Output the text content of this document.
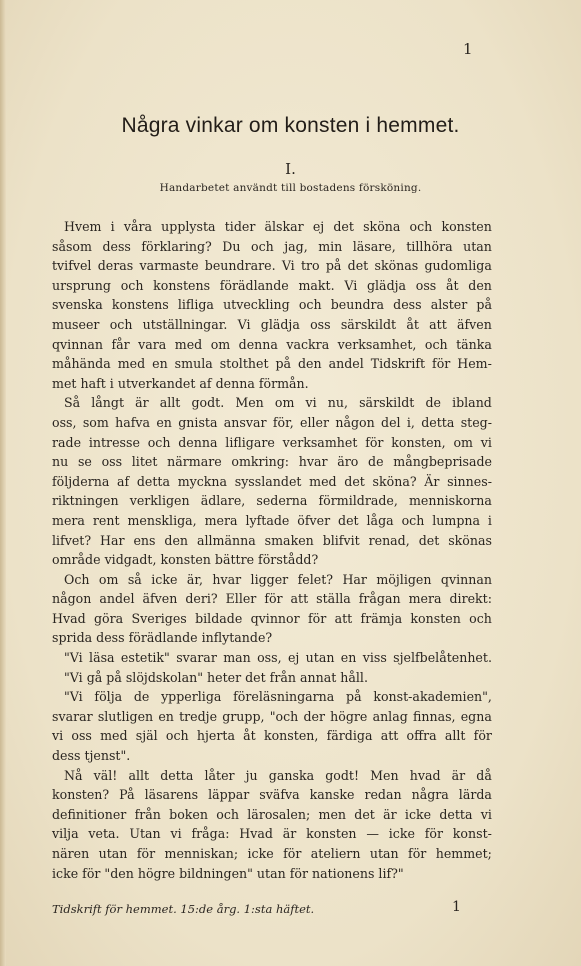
1
Några vinkar om konsten i hemmet.
I.
Handarbetet användt till bostadens försköning.
Hvem i våra upplysta tider älskar ej det sköna och konsten
såsom dess förklaring? Du och jag, min läsare, tillhöra utan
tvifvel deras varmaste beundrare. Vi tro på det skönas gudomliga
ursprung och konstens förädlande makt. Vi glädja oss åt den
svenska konstens lifliga utveckling och beundra dess alster på
museer och utställningar. Vi glädja oss särskildt åt att äfven
qvinnan får vara med om denna vackra verksamhet, och tänka
måhända med en smula stolthet på den andel Tidskrift för Hem-
met haft i utverkandet af denna förmån.
Så långt är allt godt. Men om vi nu, särskildt de ibland
oss, som hafva en gnista ansvar för, eller någon del i, detta steg-
rade intresse och denna lifligare verksamhet för konsten, om vi
nu se oss litet närmare omkring: hvar äro de mångbeprisade
följderna af detta myckna sysslandet med det sköna? Är sinnes-
riktningen verkligen ädlare, sederna förmildrade, menniskorna
mera rent menskliga, mera lyftade öfver det låga och lumpna i
lifvet? Har ens den allmänna smaken blifvit renad, det skönas
område vidgadt, konsten bättre förstådd?
Och om så icke är, hvar ligger felet? Har möjligen qvinnan
någon andel äfven deri? Eller för att ställa frågan mera direkt:
Hvad göra Sveriges bildade qvinnor för att främja konsten och
sprida dess förädlande inflytande?
"Vi läsa estetik" svarar man oss, ej utan en viss sjelfbelåtenhet.
"Vi gå på slöjdskolan" heter det från annat håll.
"Vi följa de ypperliga föreläsningarna på konst-akademien",
svarar slutligen en tredje grupp, "och der högre anlag finnas, egna
vi oss med själ och hjerta åt konsten, färdiga att offra allt för
dess tjenst".
Nå väl! allt detta låter ju ganska godt! Men hvad är då
konsten? På läsarens läppar sväfva kanske redan några lärda
definitioner från boken och lärosalen; men det är icke detta vi
vilja veta. Utan vi fråga: Hvad är konsten — icke för konst-
nären utan för menniskan; icke för ateliern utan för hemmet;
icke för "den högre bildningen" utan för nationens lif?"
Tidskrift för hemmet. 15:de årg. 1:sta häftet.	1
